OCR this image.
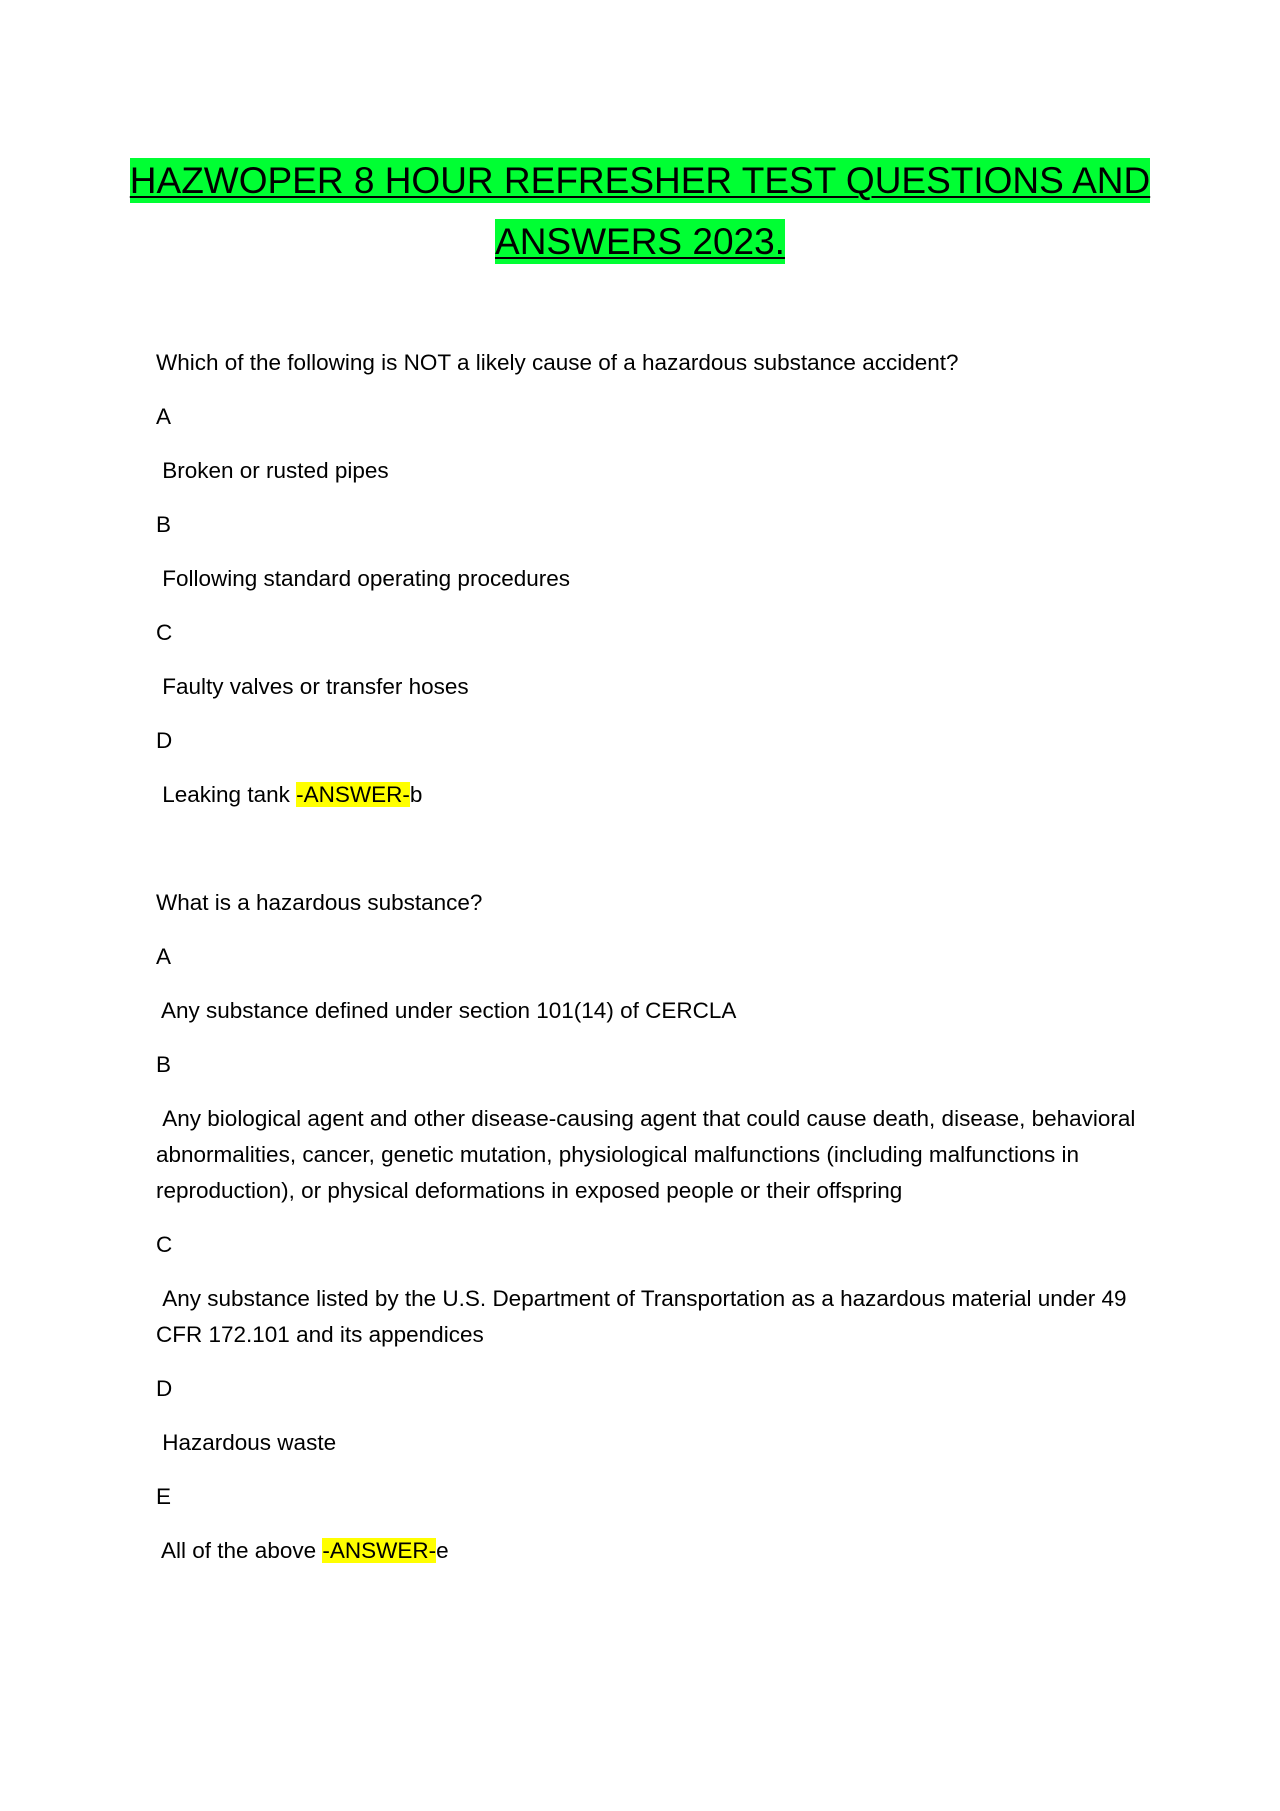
HAZWOPER 8 HOUR REFRESHER TEST QUESTIONS AND
ANSWERS 2023.

Which of the following is NOT a likely cause of a hazardous substance accident?

A

Broken or rusted pipes

B

Following standard operating procedures

C

Faulty valves or transfer hoses

D

Leaking tank -ANSWER-b

What is a hazardous substance?

A

Any substance defined under section 101(14) of CERCLA

B

Any biological agent and other disease-causing agent that could cause death, disease, behavioral abnormalities, cancer, genetic mutation, physiological malfunctions (including malfunctions in reproduction), or physical deformations in exposed people or their offspring

C

Any substance listed by the U.S. Department of Transportation as a hazardous material under 49 CFR 172.101 and its appendices

D

Hazardous waste

E

All of the above -ANSWER-e
